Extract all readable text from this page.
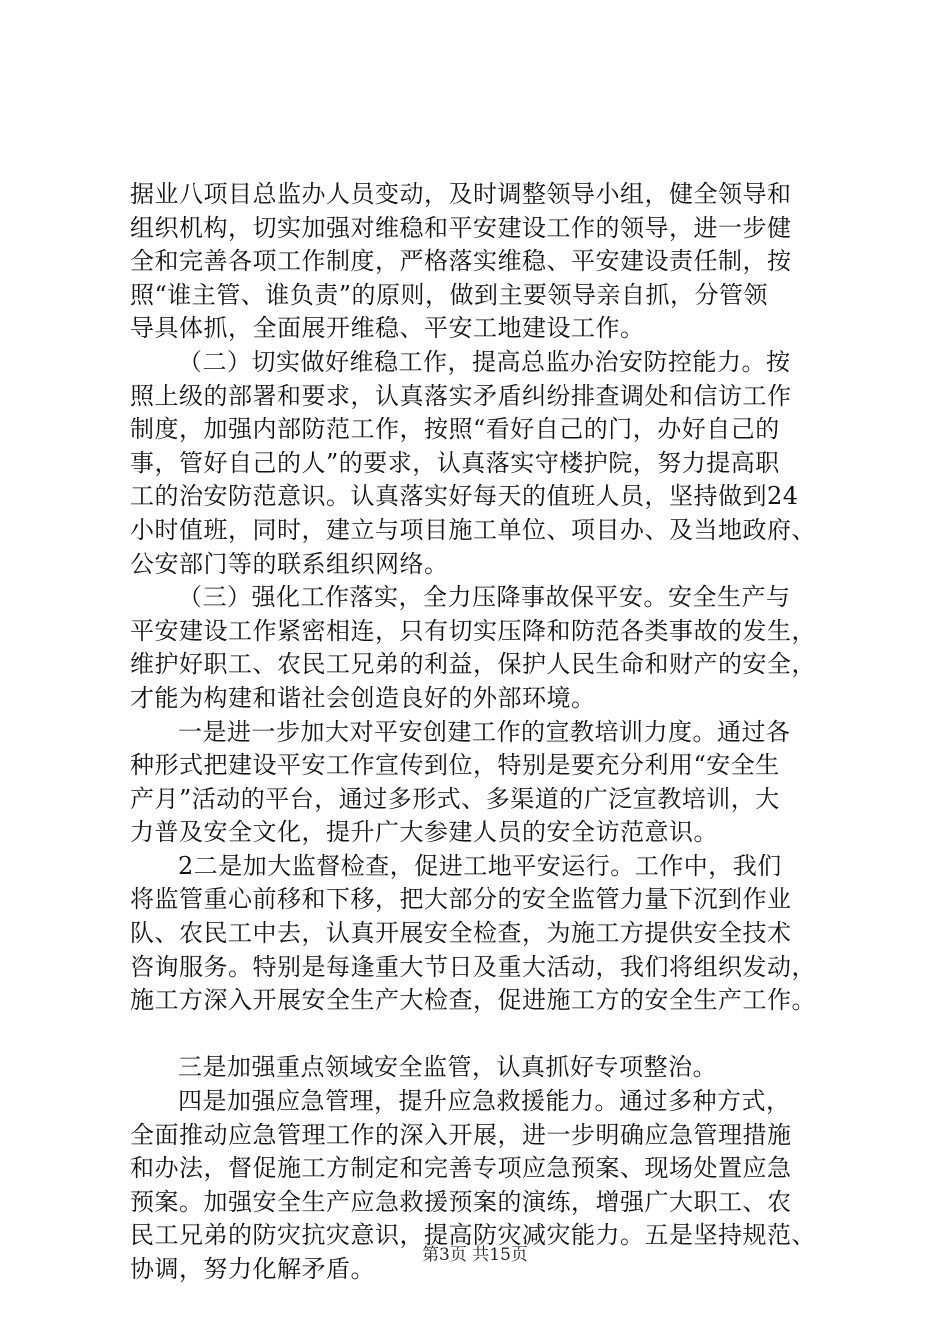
据业八项目总监办人员变动，及时调整领导小组，健全领导和
组织机构，切实加强对维稳和平安建设工作的领导，进一步健
全和完善各项工作制度，严格落实维稳、平安建设责任制，按
照“谁主管、谁负责”的原则，做到主要领导亲自抓，分管领
导具体抓，全面展开维稳、平安工地建设工作。
（二）切实做好维稳工作，提高总监办治安防控能力。按
照上级的部署和要求，认真落实矛盾纠纷排查调处和信访工作
制度，加强内部防范工作，按照“看好自己的门，办好自己的
事，管好自己的人”的要求，认真落实守楼护院，努力提高职
工的治安防范意识。认真落实好每天的值班人员，坚持做到24
小时值班，同时，建立与项目施工单位、项目办、及当地政府、
公安部门等的联系组织网络。
（三）强化工作落实，全力压降事故保平安。安全生产与
平安建设工作紧密相连，只有切实压降和防范各类事故的发生，
维护好职工、农民工兄弟的利益，保护人民生命和财产的安全，
才能为构建和谐社会创造良好的外部环境。
一是进一步加大对平安创建工作的宣教培训力度。通过各
种形式把建设平安工作宣传到位，特别是要充分利用“安全生
产月”活动的平台，通过多形式、多渠道的广泛宣教培训，大
力普及安全文化，提升广大参建人员的安全访范意识。
2二是加大监督检查，促进工地平安运行。工作中，我们
将监管重心前移和下移，把大部分的安全监管力量下沉到作业
队、农民工中去，认真开展安全检查，为施工方提供安全技术
咨询服务。特别是每逢重大节日及重大活动，我们将组织发动，
施工方深入开展安全生产大检查，促进施工方的安全生产工作。
三是加强重点领域安全监管，认真抓好专项整治。
四是加强应急管理，提升应急救援能力。通过多种方式，
全面推动应急管理工作的深入开展，进一步明确应急管理措施
和办法，督促施工方制定和完善专项应急预案、现场处置应急
预案。加强安全生产应急救援预案的演练，增强广大职工、农
民工兄弟的防灾抗灾意识，提高防灾减灾能力。五是坚持规范、
协调，努力化解矛盾。	第3页 共15页
